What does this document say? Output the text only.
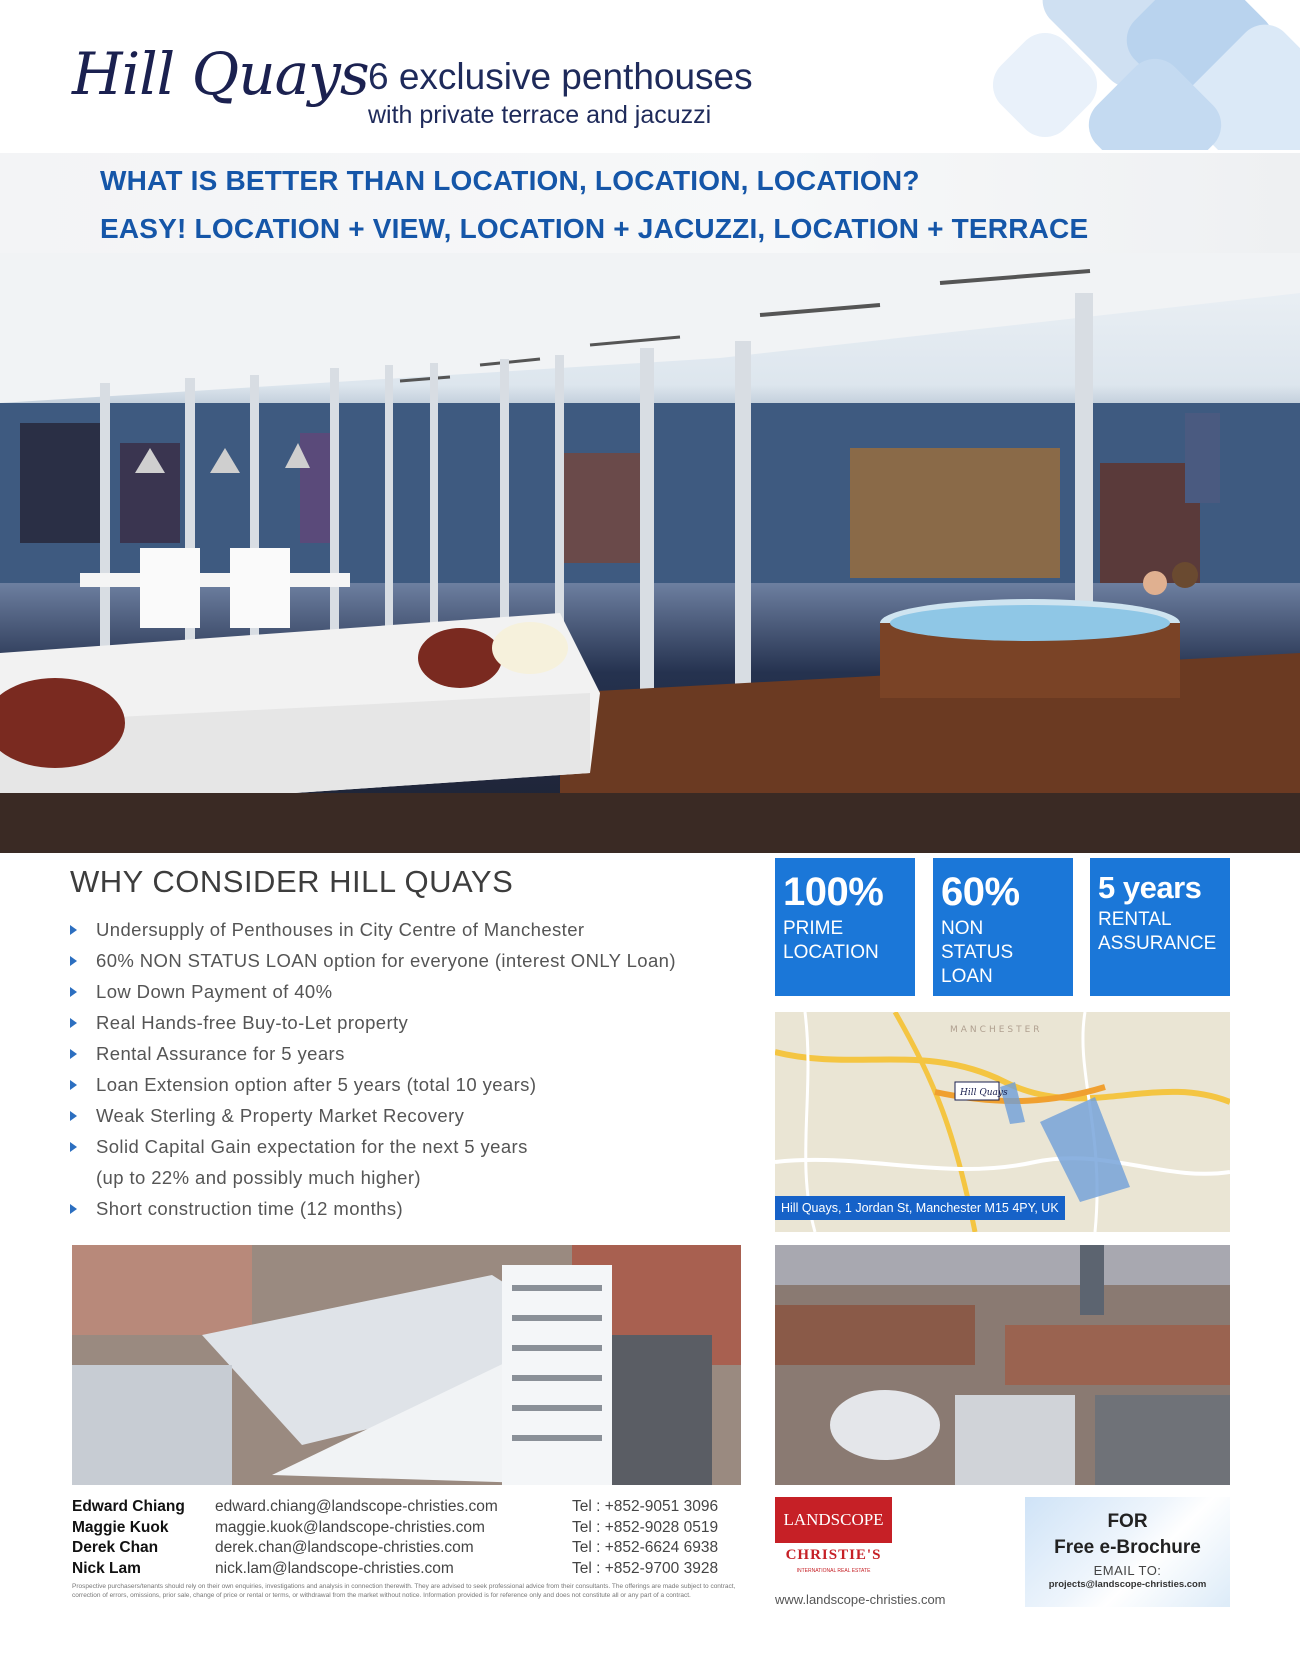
Hill Quays 6 exclusive penthouses
with private terrace and jacuzzi
WHAT IS BETTER THAN LOCATION, LOCATION, LOCATION?
EASY! LOCATION + VIEW, LOCATION + JACUZZI, LOCATION + TERRACE
WHY CONSIDER HILL QUAYS
Undersupply of Penthouses in City Centre of Manchester
60% NON STATUS LOAN option for everyone (interest ONLY Loan)
Low Down Payment of 40%
Real Hands-free Buy-to-Let property
Rental Assurance for 5 years
Loan Extension option after 5 years (total 10 years)
Weak Sterling & Property Market Recovery
Solid Capital Gain expectation for the next 5 years
(up to 22% and possibly much higher)
Short construction time (12 months)
100%
PRIME
LOCATION
60%
NON
STATUS
LOAN
5 years
RENTAL
ASSURANCE
Hill Quays
MANCHESTER
Hill Quays, 1 Jordan St, Manchester M15 4PY, UK
Edward Chiang
Maggie Kuok
Derek Chan
Nick Lam
edward.chiang@landscope-christies.com
maggie.kuok@landscope-christies.com
derek.chan@landscope-christies.com
nick.lam@landscope-christies.com
Tel : +852-9051 3096
Tel : +852-9028 0519
Tel : +852-6624 6938
Tel : +852-9700 3928
Prospective purchasers/tenants should rely on their own enquiries, investigations and analysis in connection therewith. They are advised to seek professional advice from their consultants. The offerings are made subject to contract, correction of errors, omissions, prior sale, change of price or rental or terms, or withdrawal from the market without notice. Information provided is for reference only and does not constitute all or any part of a contract.
LANDSCOPE
CHRISTIE'S
INTERNATIONAL REAL ESTATE
www.landscope-christies.com
FOR
Free e-Brochure
EMAIL TO:
projects@landscope-christies.com
